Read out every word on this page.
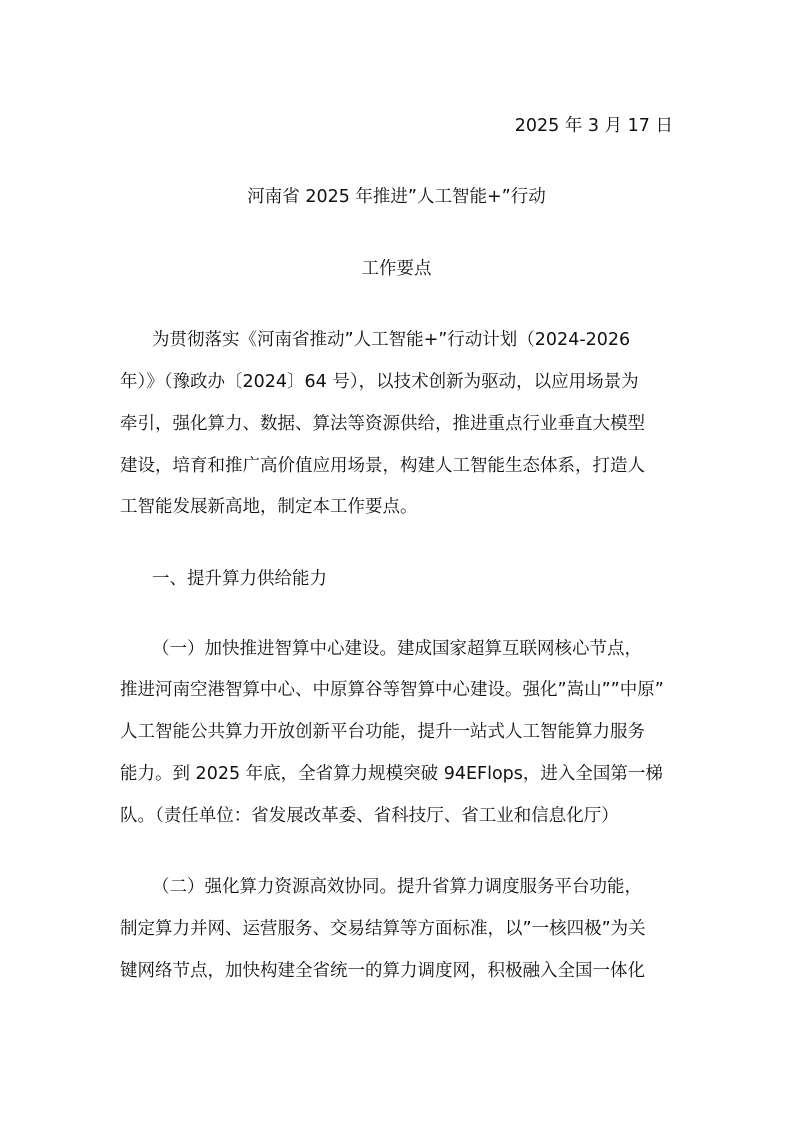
2025 年 3 月 17 日
河南省 2025 年推进”人工智能+”行动
工作要点
为贯彻落实《河南省推动”人工智能+”行动计划（2024-2026
年）》（豫政办〔2024〕64 号），以技术创新为驱动，以应用场景为
牵引，强化算力、数据、算法等资源供给，推进重点行业垂直大模型
建设，培育和推广高价值应用场景，构建人工智能生态体系，打造人
工智能发展新高地，制定本工作要点。
一、提升算力供给能力
（一）加快推进智算中心建设。建成国家超算互联网核心节点，
推进河南空港智算中心、中原算谷等智算中心建设。强化”嵩山””中原”
人工智能公共算力开放创新平台功能，提升一站式人工智能算力服务
能力。到 2025 年底，全省算力规模突破 94EFlops，进入全国第一梯
队。（责任单位：省发展改革委、省科技厅、省工业和信息化厅）
（二）强化算力资源高效协同。提升省算力调度服务平台功能，
制定算力并网、运营服务、交易结算等方面标准，以”一核四极”为关
键网络节点，加快构建全省统一的算力调度网，积极融入全国一体化
